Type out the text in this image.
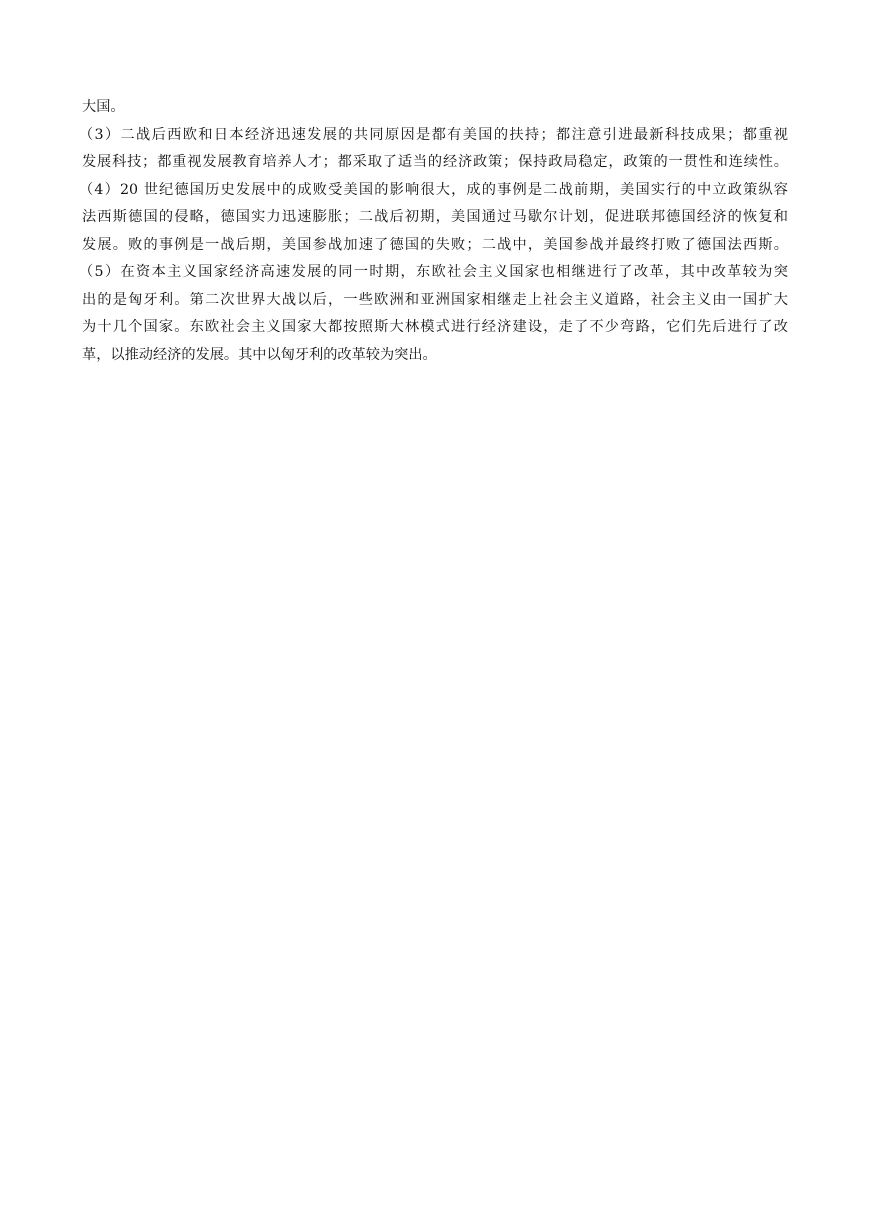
大国。
（3）二战后西欧和日本经济迅速发展的共同原因是都有美国的扶持；都注意引进最新科技成果；都重视
发展科技；都重视发展教育培养人才；都采取了适当的经济政策；保持政局稳定，政策的一贯性和连续性。
（4）20 世纪德国历史发展中的成败受美国的影响很大，成的事例是二战前期，美国实行的中立政策纵容
法西斯德国的侵略，德国实力迅速膨胀；二战后初期，美国通过马歇尔计划，促进联邦德国经济的恢复和
发展。败的事例是一战后期，美国参战加速了德国的失败；二战中，美国参战并最终打败了德国法西斯。
（5）在资本主义国家经济高速发展的同一时期，东欧社会主义国家也相继进行了改革，其中改革较为突
出的是匈牙利。第二次世界大战以后，一些欧洲和亚洲国家相继走上社会主义道路，社会主义由一国扩大
为十几个国家。东欧社会主义国家大都按照斯大林模式进行经济建设，走了不少弯路，它们先后进行了改
革，以推动经济的发展。其中以匈牙利的改革较为突出。
